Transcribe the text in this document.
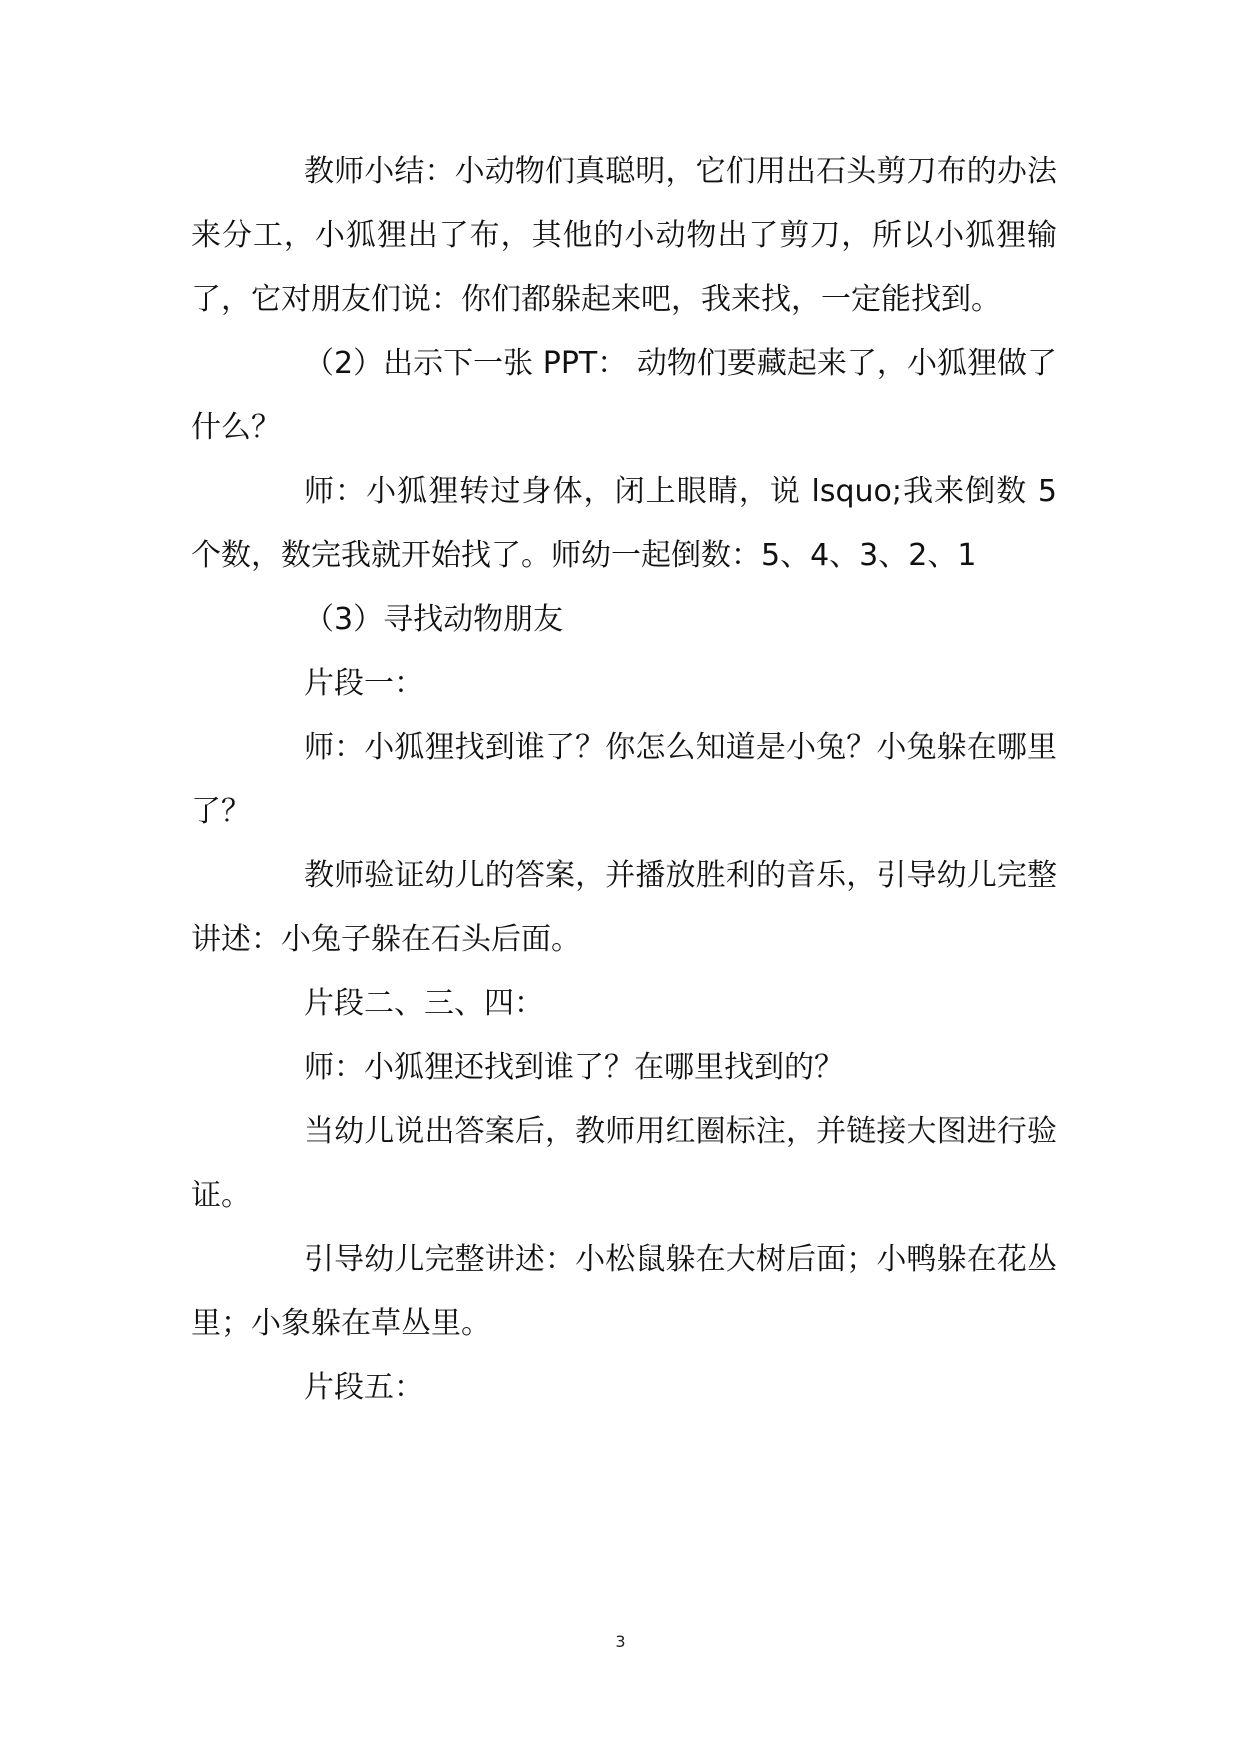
教师小结：小动物们真聪明，它们用出石头剪刀布的办法来分工，小狐狸出了布，其他的小动物出了剪刀，所以小狐狸输了，它对朋友们说：你们都躲起来吧，我来找，一定能找到。

（2）出示下一张 PPT： 动物们要藏起来了，小狐狸做了什么？

师：小狐狸转过身体，闭上眼睛，说 lsquo;我来倒数 5 个数，数完我就开始找了。师幼一起倒数：5、4、3、2、1

（3）寻找动物朋友

片段一：

师：小狐狸找到谁了？你怎么知道是小兔？小兔躲在哪里了？

教师验证幼儿的答案，并播放胜利的音乐，引导幼儿完整讲述：小兔子躲在石头后面。

片段二、三、四：

师：小狐狸还找到谁了？在哪里找到的？

当幼儿说出答案后，教师用红圈标注，并链接大图进行验证。

引导幼儿完整讲述：小松鼠躲在大树后面；小鸭躲在花丛里；小象躲在草丛里。

片段五：

3
